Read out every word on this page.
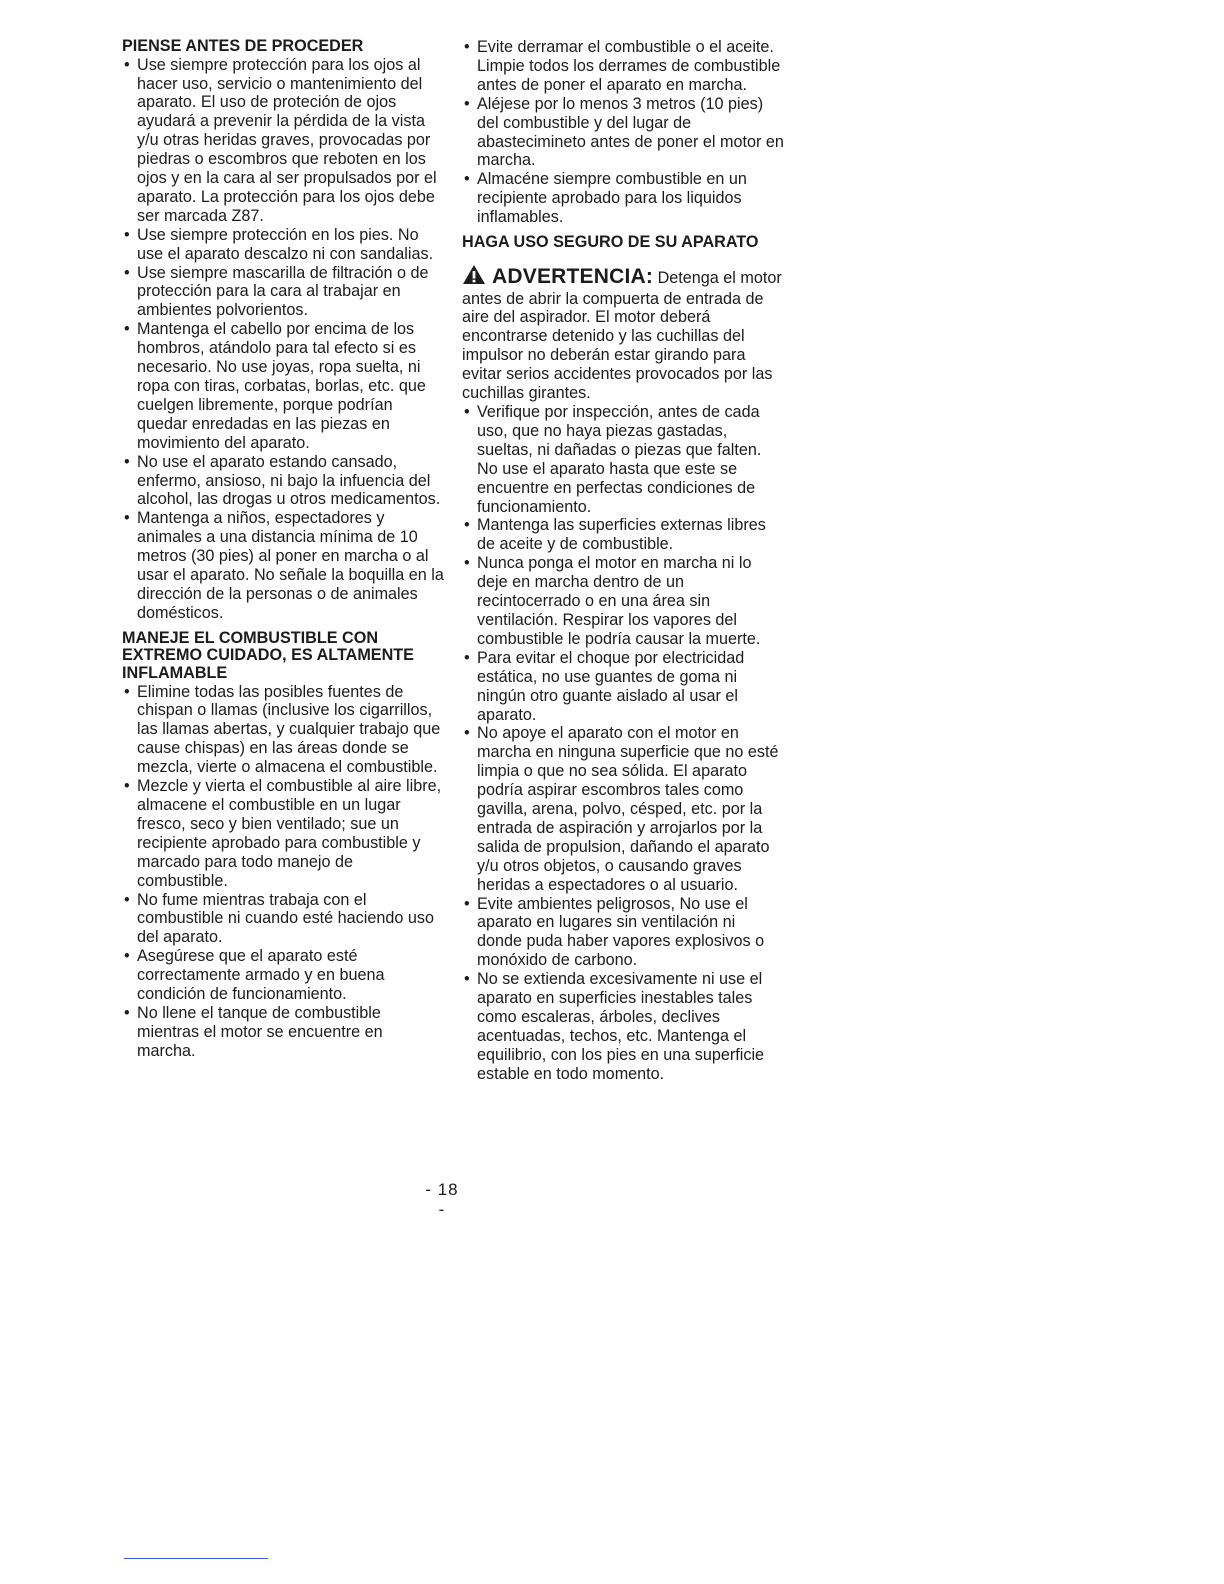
PIENSE ANTES DE PROCEDER
• Use siempre protección para los ojos al hacer uso, servicio o mantenimiento del aparato. El uso de proteción de ojos ayudará a prevenir la pérdida de la vista y/u otras heridas graves, provocadas por piedras o escombros que reboten en los ojos y en la cara al ser propulsados por el aparato. La protección para los ojos debe ser marcada Z87.
• Use siempre protección en los pies. No use el aparato descalzo ni con sandalias.
• Use siempre mascarilla de filtración o de protección para la cara al trabajar en ambientes polvorientos.
• Mantenga el cabello por encima de los hombros, atándolo para tal efecto si es necesario. No use joyas, ropa suelta, ni ropa con tiras, corbatas, borlas, etc. que cuelgen libremente, porque podrían quedar enredadas en las piezas en movimiento del aparato.
• No use el aparato estando cansado, enfermo, ansioso, ni bajo la infuencia del alcohol, las drogas u otros medicamentos.
• Mantenga a niños, espectadores y animales a una distancia mínima de 10 metros (30 pies) al poner en marcha o al usar el aparato. No señale la boquilla en la dirección de la personas o de animales domésticos.
MANEJE EL COMBUSTIBLE CON EXTREMO CUIDADO, ES ALTAMENTE INFLAMABLE
• Elimine todas las posibles fuentes de chispan o llamas (inclusive los cigarrillos, las llamas abertas, y cualquier trabajo que cause chispas) en las áreas donde se mezcla, vierte o almacena el combustible.
• Mezcle y vierta el combustible al aire libre, almacene el combustible en un lugar fresco, seco y bien ventilado; sue un recipiente aprobado para combustible y marcado para todo manejo de combustible.
• No fume mientras trabaja con el combustible ni cuando esté haciendo uso del aparato.
• Asegúrese que el aparato esté correctamente armado y en buena condición de funcionamiento.
• No llene el tanque de combustible mientras el motor se encuentre en marcha.
• Evite derramar el combustible o el aceite. Limpie todos los derrames de combustible antes de poner el aparato en marcha.
• Aléjese por lo menos 3 metros (10 pies) del combustible y del lugar de abastecimineto antes de poner el motor en marcha.
• Almacéne siempre combustible en un recipiente aprobado para los liquidos inflamables.
HAGA USO SEGURO DE SU APARATO

ADVERTENCIA: Detenga el motor antes de abrir la compuerta de entrada de aire del aspirador. El motor deberá encontrarse detenido y las cuchillas del impulsor no deberán estar girando para evitar serios accidentes provocados por las cuchillas girantes.

• Verifique por inspección, antes de cada uso, que no haya piezas gastadas, sueltas, ni dañadas o piezas que falten. No use el aparato hasta que este se encuentre en perfectas condiciones de funcionamiento.
• Mantenga las superficies externas libres de aceite y de combustible.
• Nunca ponga el motor en marcha ni lo deje en marcha dentro de un recintocerrado o en una área sin ventilación. Respirar los vapores del combustible le podría causar la muerte.
• Para evitar el choque por electricidad estática, no use guantes de goma ni ningún otro guante aislado al usar el aparato.
• No apoye el aparato con el motor en marcha en ninguna superficie que no esté limpia o que no sea sólida. El aparato podría aspirar escombros tales como gavilla, arena, polvo, césped, etc. por la entrada de aspiración y arrojarlos por la salida de propulsion, dañando el aparato y/u otros objetos, o causando graves heridas a espectadores o al usuario.
• Evite ambientes peligrosos, No use el aparato en lugares sin ventilación ni donde puda haber vapores explosivos o monóxido de carbono.
• No se extienda excesivamente ni use el aparato en superficies inestables tales como escaleras, árboles, declives acentuadas, techos, etc. Mantenga el equilibrio, con los pies en una superficie estable en todo momento.
- 18 -
